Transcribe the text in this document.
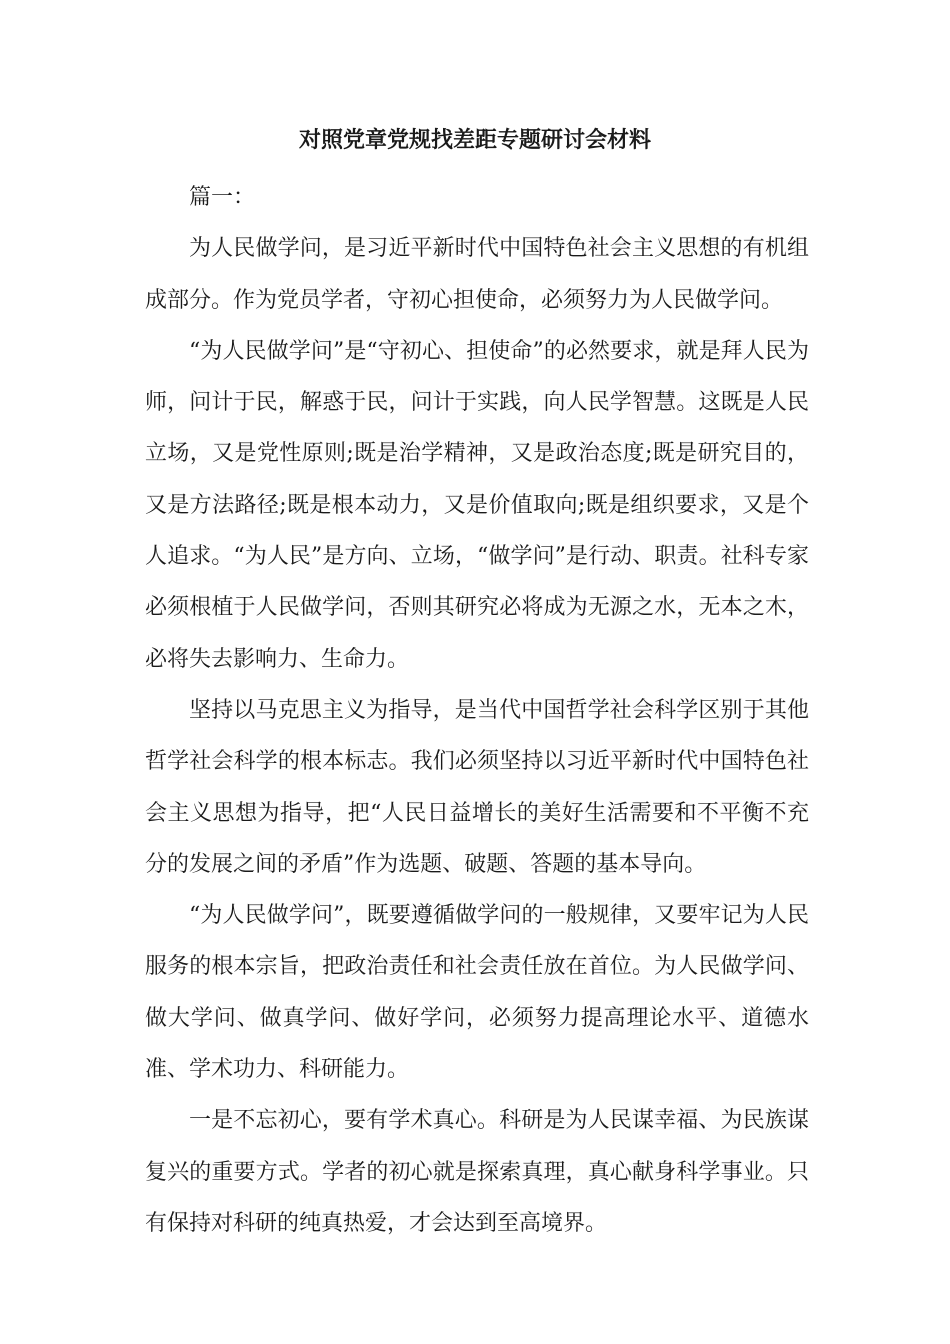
对照党章党规找差距专题研讨会材料

篇一：

为人民做学问，是习近平新时代中国特色社会主义思想的有机组成部分。作为党员学者，守初心担使命，必须努力为人民做学问。

“为人民做学问”是“守初心、担使命”的必然要求，就是拜人民为师，问计于民，解惑于民，问计于实践，向人民学智慧。这既是人民立场，又是党性原则;既是治学精神，又是政治态度;既是研究目的，又是方法路径;既是根本动力，又是价值取向;既是组织要求，又是个人追求。“为人民”是方向、立场，“做学问”是行动、职责。社科专家必须根植于人民做学问，否则其研究必将成为无源之水，无本之木，必将失去影响力、生命力。

坚持以马克思主义为指导，是当代中国哲学社会科学区别于其他哲学社会科学的根本标志。我们必须坚持以习近平新时代中国特色社会主义思想为指导，把“人民日益增长的美好生活需要和不平衡不充分的发展之间的矛盾”作为选题、破题、答题的基本导向。

“为人民做学问”，既要遵循做学问的一般规律，又要牢记为人民服务的根本宗旨，把政治责任和社会责任放在首位。为人民做学问、做大学问、做真学问、做好学问，必须努力提高理论水平、道德水准、学术功力、科研能力。

一是不忘初心，要有学术真心。科研是为人民谋幸福、为民族谋复兴的重要方式。学者的初心就是探索真理，真心献身科学事业。只有保持对科研的纯真热爱，才会达到至高境界。
